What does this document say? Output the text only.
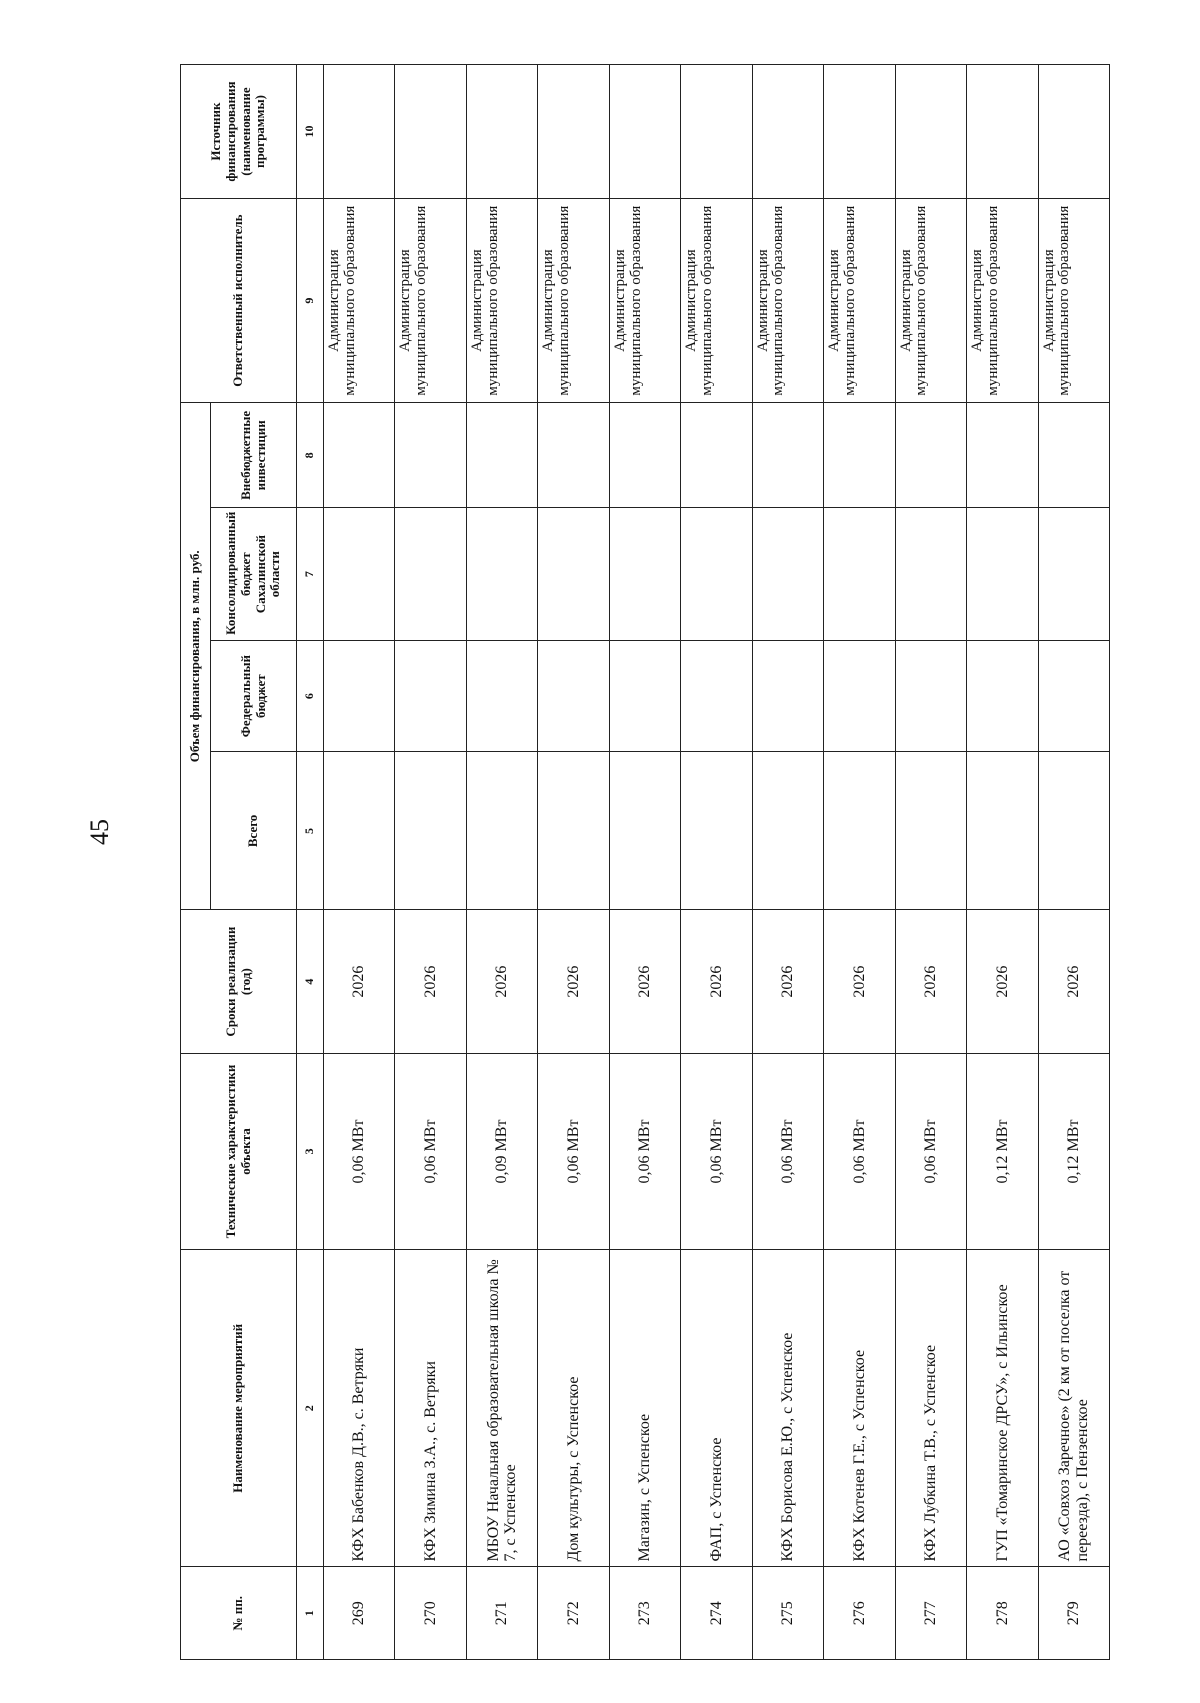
45
№ пп.	Наименование мероприятий	Технические характеристики объекта	Сроки реализации (год)	Объем финансирования, в млн. руб.				Ответственный исполнитель	Источник финансирования (наименование программы)
				Всего	Федеральный бюджет	Консолидированный бюджет Сахалинской области	Внебюджетные инвестиции		
1	2	3	4	5	6	7	8	9	10
269	КФХ Бабенков Д.В., с. Ветряки	0,06 МВт	2026					Администрация муниципального образования	
270	КФХ Зимина З.А., с. Ветряки	0,06 МВт	2026					Администрация муниципального образования	
271	МБОУ Начальная образовательная школа № 7, с Успенское	0,09 МВт	2026					Администрация муниципального образования	
272	Дом культуры, с Успенское	0,06 МВт	2026					Администрация муниципального образования	
273	Магазин, с Успенское	0,06 МВт	2026					Администрация муниципального образования	
274	ФАП, с Успенское	0,06 МВт	2026					Администрация муниципального образования	
275	КФХ Борисова Е.Ю., с Успенское	0,06 МВт	2026					Администрация муниципального образования	
276	КФХ Котенев Г.Е., с Успенское	0,06 МВт	2026					Администрация муниципального образования	
277	КФХ Лубкина Т.В., с Успенское	0,06 МВт	2026					Администрация муниципального образования	
278	ГУП «Томаринское ДРСУ», с Ильинское	0,12 МВт	2026					Администрация муниципального образования	
279	АО «Совхоз Заречное» (2 км от поселка от переезда), с Пензенское	0,12 МВт	2026					Администрация муниципального образования	
